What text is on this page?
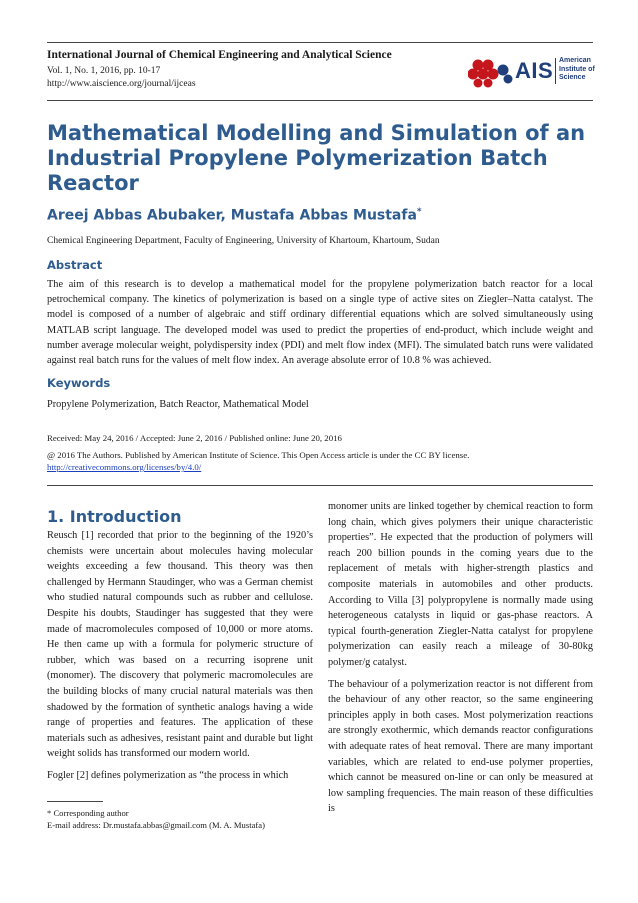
International Journal of Chemical Engineering and Analytical Science
Vol. 1, No. 1, 2016, pp. 10-17
http://www.aiscience.org/journal/ijceas
AIS American
Institute of
Science
Mathematical Modelling and Simulation of an Industrial Propylene Polymerization Batch Reactor
Areej Abbas Abubaker, Mustafa Abbas Mustafa*
Chemical Engineering Department, Faculty of Engineering, University of Khartoum, Khartoum, Sudan
Abstract
The aim of this research is to develop a mathematical model for the propylene polymerization batch reactor for a local petrochemical company. The kinetics of polymerization is based on a single type of active sites on Ziegler–Natta catalyst. The model is composed of a number of algebraic and stiff ordinary differential equations which are solved simultaneously using MATLAB script language. The developed model was used to predict the properties of end-product, which include weight and number average molecular weight, polydispersity index (PDI) and melt flow index (MFI). The simulated batch runs were validated against real batch runs for the values of melt flow index. An average absolute error of 10.8 % was achieved.
Keywords
Propylene Polymerization, Batch Reactor, Mathematical Model
Received: May 24, 2016 / Accepted: June 2, 2016 / Published online: June 20, 2016
@ 2016 The Authors. Published by American Institute of Science. This Open Access article is under the CC BY license.
http://creativecommons.org/licenses/by/4.0/
1. Introduction

Reusch [1] recorded that prior to the beginning of the 1920’s chemists were uncertain about molecules having molecular weights exceeding a few thousand. This theory was then challenged by Hermann Staudinger, who was a German chemist who studied natural compounds such as rubber and cellulose. Despite his doubts, Staudinger has suggested that they were made of macromolecules composed of 10,000 or more atoms. He then came up with a formula for polymeric structure of rubber, which was based on a recurring isoprene unit (monomer). The discovery that polymeric macromolecules are the building blocks of many crucial natural materials was then shadowed by the formation of synthetic analogs having a wide range of properties and features. The application of these materials such as adhesives, resistant paint and durable but light weight solids has transformed our modern world.

Fogler [2] defines polymerization as “the process in which

monomer units are linked together by chemical reaction to form long chain, which gives polymers their unique characteristic properties”. He expected that the production of polymers will reach 200 billion pounds in the coming years due to the replacement of metals with higher-strength plastics and composite materials in automobiles and other products. According to Villa [3] polypropylene is normally made using heterogeneous catalysts in liquid or gas-phase reactors. A typical fourth-generation Ziegler-Natta catalyst for propylene polymerization can easily reach a mileage of 30-80kg polymer/g catalyst.

The behaviour of a polymerization reactor is not different from the behaviour of any other reactor, so the same engineering principles apply in both cases. Most polymerization reactions are strongly exothermic, which demands reactor configurations with adequate rates of heat removal. There are many important variables, which are related to end-use polymer properties, which cannot be measured on-line or can only be measured at low sampling frequencies. The main reason of these difficulties is

* Corresponding author
E-mail address: Dr.mustafa.abbas@gmail.com (M. A. Mustafa)
